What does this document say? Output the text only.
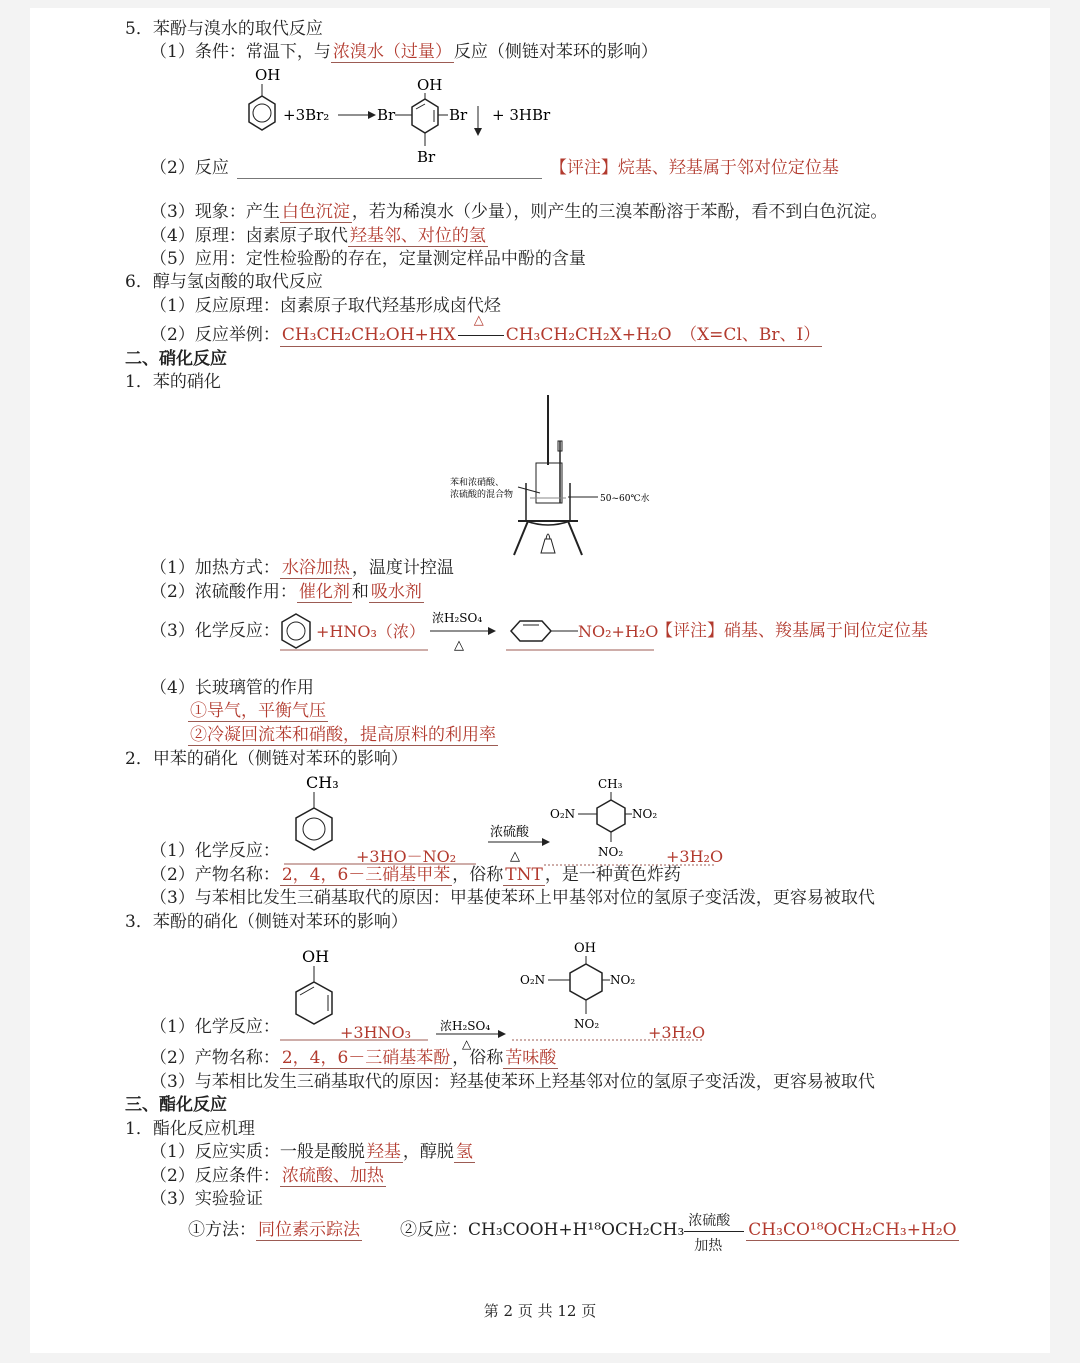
5．苯酚与溴水的取代反应
（1）条件：常温下，与 浓溴水（过量） 反应（侧链对苯环的影响）
OH
+3Br₂
OH
Br	Br
Br
+ 3HBr
（2）反应	【评注】烷基、羟基属于邻对位定位基
（3）现象：产生 白色沉淀 ，若为稀溴水（少量），则产生的三溴苯酚溶于苯酚，看不到白色沉淀。
（4）原理：卤素原子取代 羟基邻、对位的氢
（5）应用：定性检验酚的存在，定量测定样品中酚的含量
6．醇与氢卤酸的取代反应
（1）反应原理：卤素原子取代羟基形成卤代烃
（2）反应举例： CH₃CH₂CH₂OH+HX
△
CH₃CH₂CH₂X+H₂O　（X=Cl、Br、I）
二、硝化反应
1．苯的硝化
苯和浓硝酸、
浓硫酸的混合物	50~60℃水
（1）加热方式： 水浴加热 ，温度计控温
（2）浓硫酸作用： 催化剂 和 吸水剂
（3）化学反应： +HNO₃（浓）
浓H₂SO₄
△
NO₂+H₂O
【评注】硝基、羧基属于间位定位基
（4）长玻璃管的作用
①导气，平衡气压
②冷凝回流苯和硝酸，提高原料的利用率
2．甲苯的硝化（侧链对苯环的影响）
CH₃
+3HO－NO₂
浓硫酸
△
CH₃
O₂N	NO₂
NO₂	+3H₂O
（1）化学反应：
（2）产物名称： 2，4，6－三硝基甲苯 ，俗称 TNT ，是一种黄色炸药
（3）与苯相比发生三硝基取代的原因：甲基使苯环上甲基邻对位的氢原子变活泼，更容易被取代
3．苯酚的硝化（侧链对苯环的影响）
OH
+3HNO₃ 浓H₂SO₄
△
OH
O₂N	NO₂
NO₂	+3H₂O
（1）化学反应：
（2）产物名称： 2，4，6－三硝基苯酚 ，俗称 苦味酸
（3）与苯相比发生三硝基取代的原因：羟基使苯环上羟基邻对位的氢原子变活泼，更容易被取代
三、酯化反应
1．酯化反应机理
（1）反应实质：一般是酸脱 羟基 ，醇脱 氢
（2）反应条件： 浓硫酸、加热
（3）实验验证
①方法： 同位素示踪法 ②反应：CH₃COOH+H¹⁸OCH₂CH₃ 浓硫酸
加热
CH₃CO¹⁸OCH₂CH₃+H₂O
第 2 页 共 12 页
